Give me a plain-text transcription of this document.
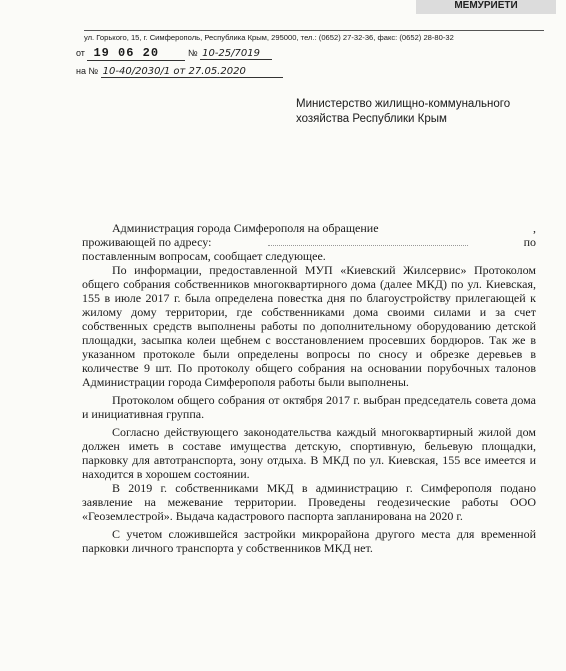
МЕМУРИЕТИ
ул. Горького, 15, г. Симферополь, Республика Крым, 295000, тел.: (0652) 27-32-36, факс: (0652) 28-80-32
от 19 06 20	№ 10-25/7019
на № 10-40/2030/1 от 27.05.2020
Министерство жилищно-коммунального
хозяйства Республики Крым
Администрация города Симферополя на обращение	,
проживающей по адресу:	по
поставленным вопросам, сообщает следующее.

По информации, предоставленной МУП «Киевский Жилсервис» Протоколом общего собрания собственников многоквартирного дома (далее МКД) по ул. Киевская, 155 в июле 2017 г. была определена повестка дня по благоустройству прилегающей к жилому дому территории, где собственниками дома своими силами и за счет собственных средств выполнены работы по дополнительному оборудованию детской площадки, засыпка колеи щебнем с восстановлением просевших бордюров. Так же в указанном протоколе были определены вопросы по сносу и обрезке деревьев в количестве 9 шт. По протоколу общего собрания на основании порубочных талонов Администрации города Симферополя работы были выполнены.

Протоколом общего собрания от октября 2017 г. выбран председатель совета дома и инициативная группа.

Согласно действующего законодательства каждый многоквартирный жилой дом должен иметь в составе имущества детскую, спортивную, бельевую площадки, парковку для автотранспорта, зону отдыха. В МКД по ул. Киевская, 155 все имеется и находится в хорошем состоянии.

В 2019 г. собственниками МКД в администрацию г. Симферополя подано заявление на межевание территории. Проведены геодезические работы ООО «Геоземлестрой». Выдача кадастрового паспорта запланирована на 2020 г.

С учетом сложившейся застройки микрорайона другого места для временной парковки личного транспорта у собственников МКД нет.
